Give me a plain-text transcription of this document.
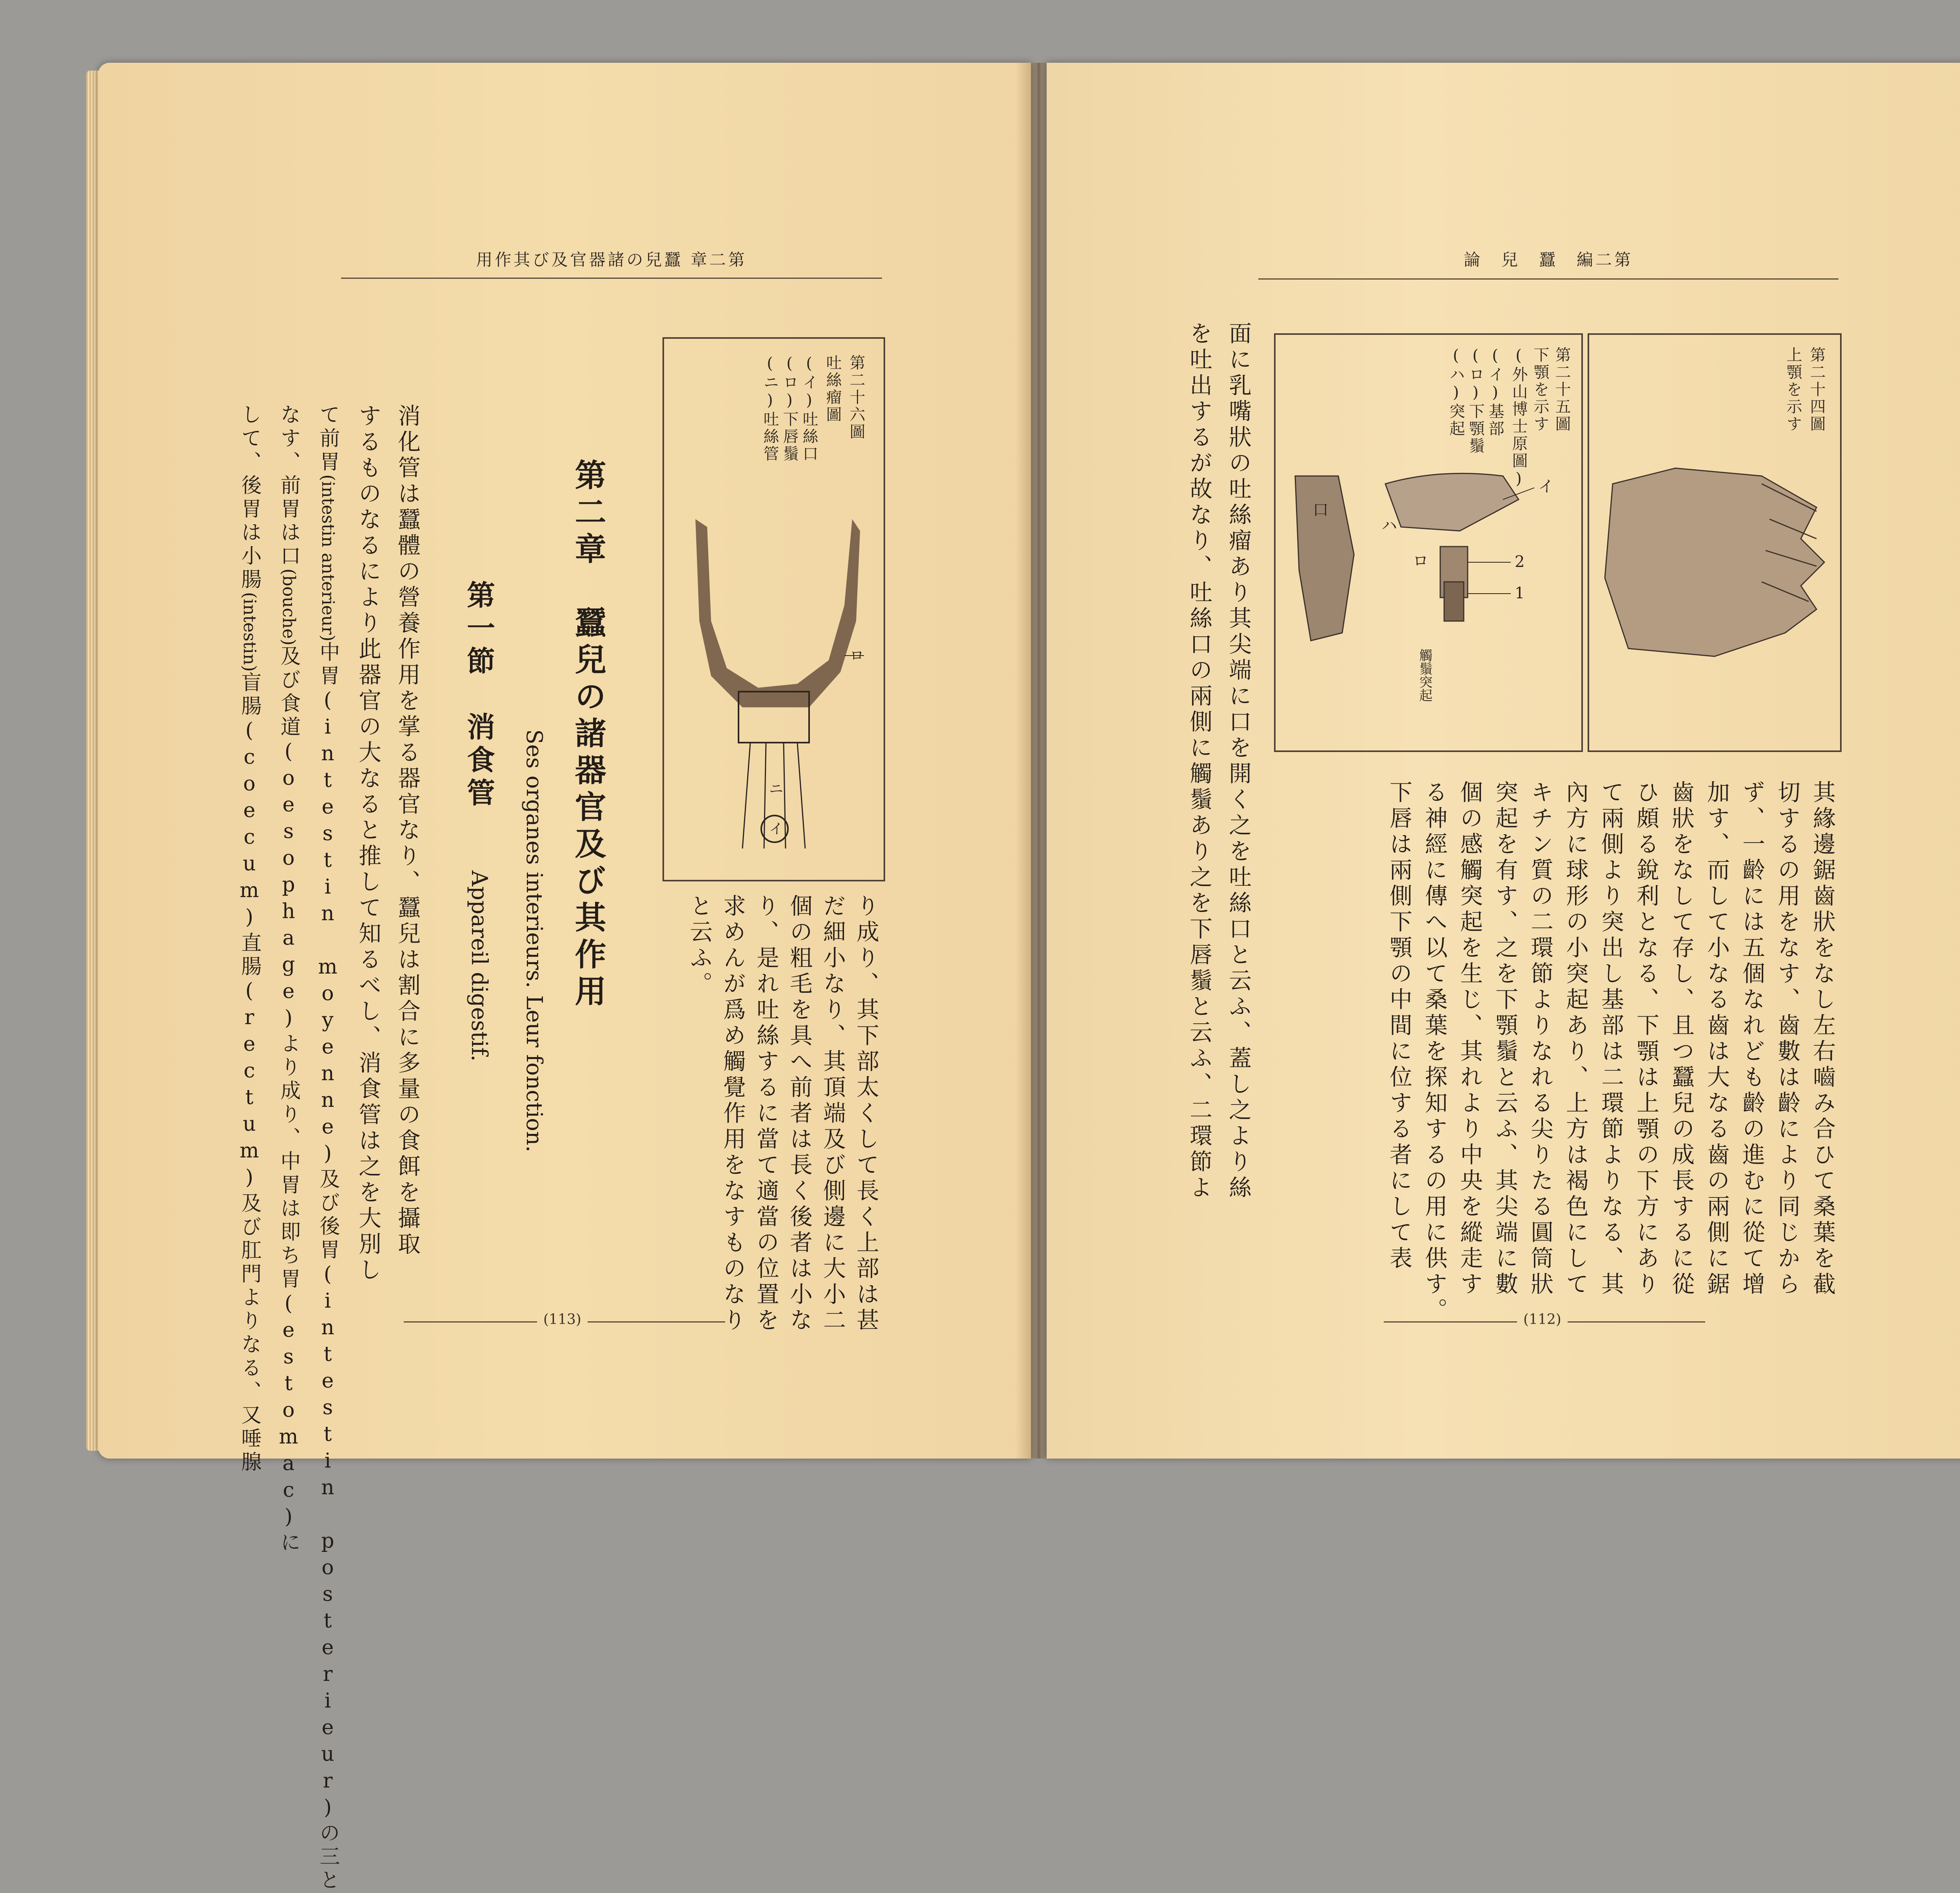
用作其び及官器諸の兒蠶 章二第
第二十六圖
吐絲瘤圖
(イ)吐絲口
(ロ)下唇鬚
(ニ)吐絲管
イ
ニ
ロ
り成り、其下部太くして長く上部は甚
だ細小なり、其頂端及び側邊に大小二
個の粗毛を具へ前者は長く後者は小な
り、是れ吐絲するに當て適當の位置を
求めんが爲め觸覺作用をなすものなり
と云ふ。
第二章　蠶兒の諸器官及び其作用
Ses organes interieurs. Leur fonction.
第一節　消食管
Appareil digestif.
消化管は蠶體の營養作用を掌る器官なり、蠶兒は割合に多量の食餌を攝取
するものなるにより此器官の大なると推して知るべし、消食管は之を大別し
て前胃(intestin anterieur)中胃(intestin moyenne)及び後胃(intestin posterieur)の三と
なす、前胃は口(bouche)及び食道(oesophage)より成り、中胃は即ち胃(estomac)に
して、後胃は小腸(intestin)盲腸(coecum)直腸(rectum)及び肛門よりなる、又唾腺	(113)
論　兒　蠶　編二第
第二十四圖
上顎を示す
第二十五圖
下顎を示す
(外山博士原圖)
(イ)基部
(ロ)下顎鬚
(ハ)突起
イ
ロ
ハ
2
1
口
觸鬚突起
面に乳嘴狀の吐絲瘤あり其尖端に口を開く之を吐絲口と云ふ、蓋し之より絲
を吐出するが故なり、吐絲口の兩側に觸鬚あり之を下唇鬚と云ふ、二環節よ	其緣邊鋸齒狀をなし左右嚙み合ひて桑葉を截
切するの用をなす、齒數は齡により同じから
ず、一齡には五個なれども齡の進むに從て增
加す、而して小なる齒は大なる齒の兩側に鋸
齒狀をなして存し、且つ蠶兒の成長するに從
ひ頗る銳利となる、下顎は上顎の下方にあり
て兩側より突出し基部は二環節よりなる、其
內方に球形の小突起あり、上方は褐色にして
キチン質の二環節よりなれる尖りたる圓筒狀
突起を有す、之を下顎鬚と云ふ、其尖端に數
個の感觸突起を生じ、其れより中央を縱走す
る神經に傳へ以て桑葉を探知するの用に供す。
下唇は兩側下顎の中間に位する者にして表
(112)
